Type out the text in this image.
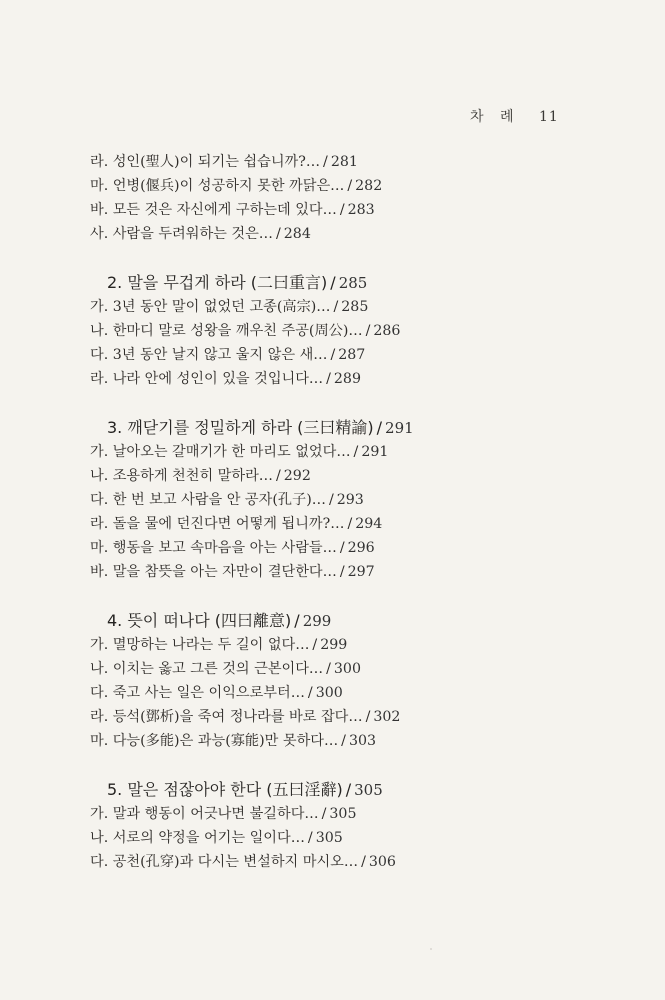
차 례 11
라. 성인(聖人)이 되기는 쉽습니까?… / 281
마. 언병(偃兵)이 성공하지 못한 까닭은… / 282
바. 모든 것은 자신에게 구하는데 있다… / 283
사. 사람을 두려워하는 것은… / 284
2. 말을 무겁게 하라 (二曰重言) / 285
가. 3년 동안 말이 없었던 고종(高宗)… / 285
나. 한마디 말로 성왕을 깨우친 주공(周公)… / 286
다. 3년 동안 날지 않고 울지 않은 새… / 287
라. 나라 안에 성인이 있을 것입니다… / 289
3. 깨닫기를 정밀하게 하라 (三曰精諭) / 291
가. 날아오는 갈매기가 한 마리도 없었다… / 291
나. 조용하게 천천히 말하라… / 292
다. 한 번 보고 사람을 안 공자(孔子)… / 293
라. 돌을 물에 던진다면 어떻게 됩니까?… / 294
마. 행동을 보고 속마음을 아는 사람들… / 296
바. 말을 참뜻을 아는 자만이 결단한다… / 297
4. 뜻이 떠나다 (四曰離意) / 299
가. 멸망하는 나라는 두 길이 없다… / 299
나. 이치는 옳고 그른 것의 근본이다… / 300
다. 죽고 사는 일은 이익으로부터… / 300
라. 등석(鄧析)을 죽여 정나라를 바로 잡다… / 302
마. 다능(多能)은 과능(寡能)만 못하다… / 303
5. 말은 점잖아야 한다 (五曰淫辭) / 305
가. 말과 행동이 어긋나면 불길하다… / 305
나. 서로의 약정을 어기는 일이다… / 305
다. 공천(孔穿)과 다시는 변설하지 마시오… / 306
